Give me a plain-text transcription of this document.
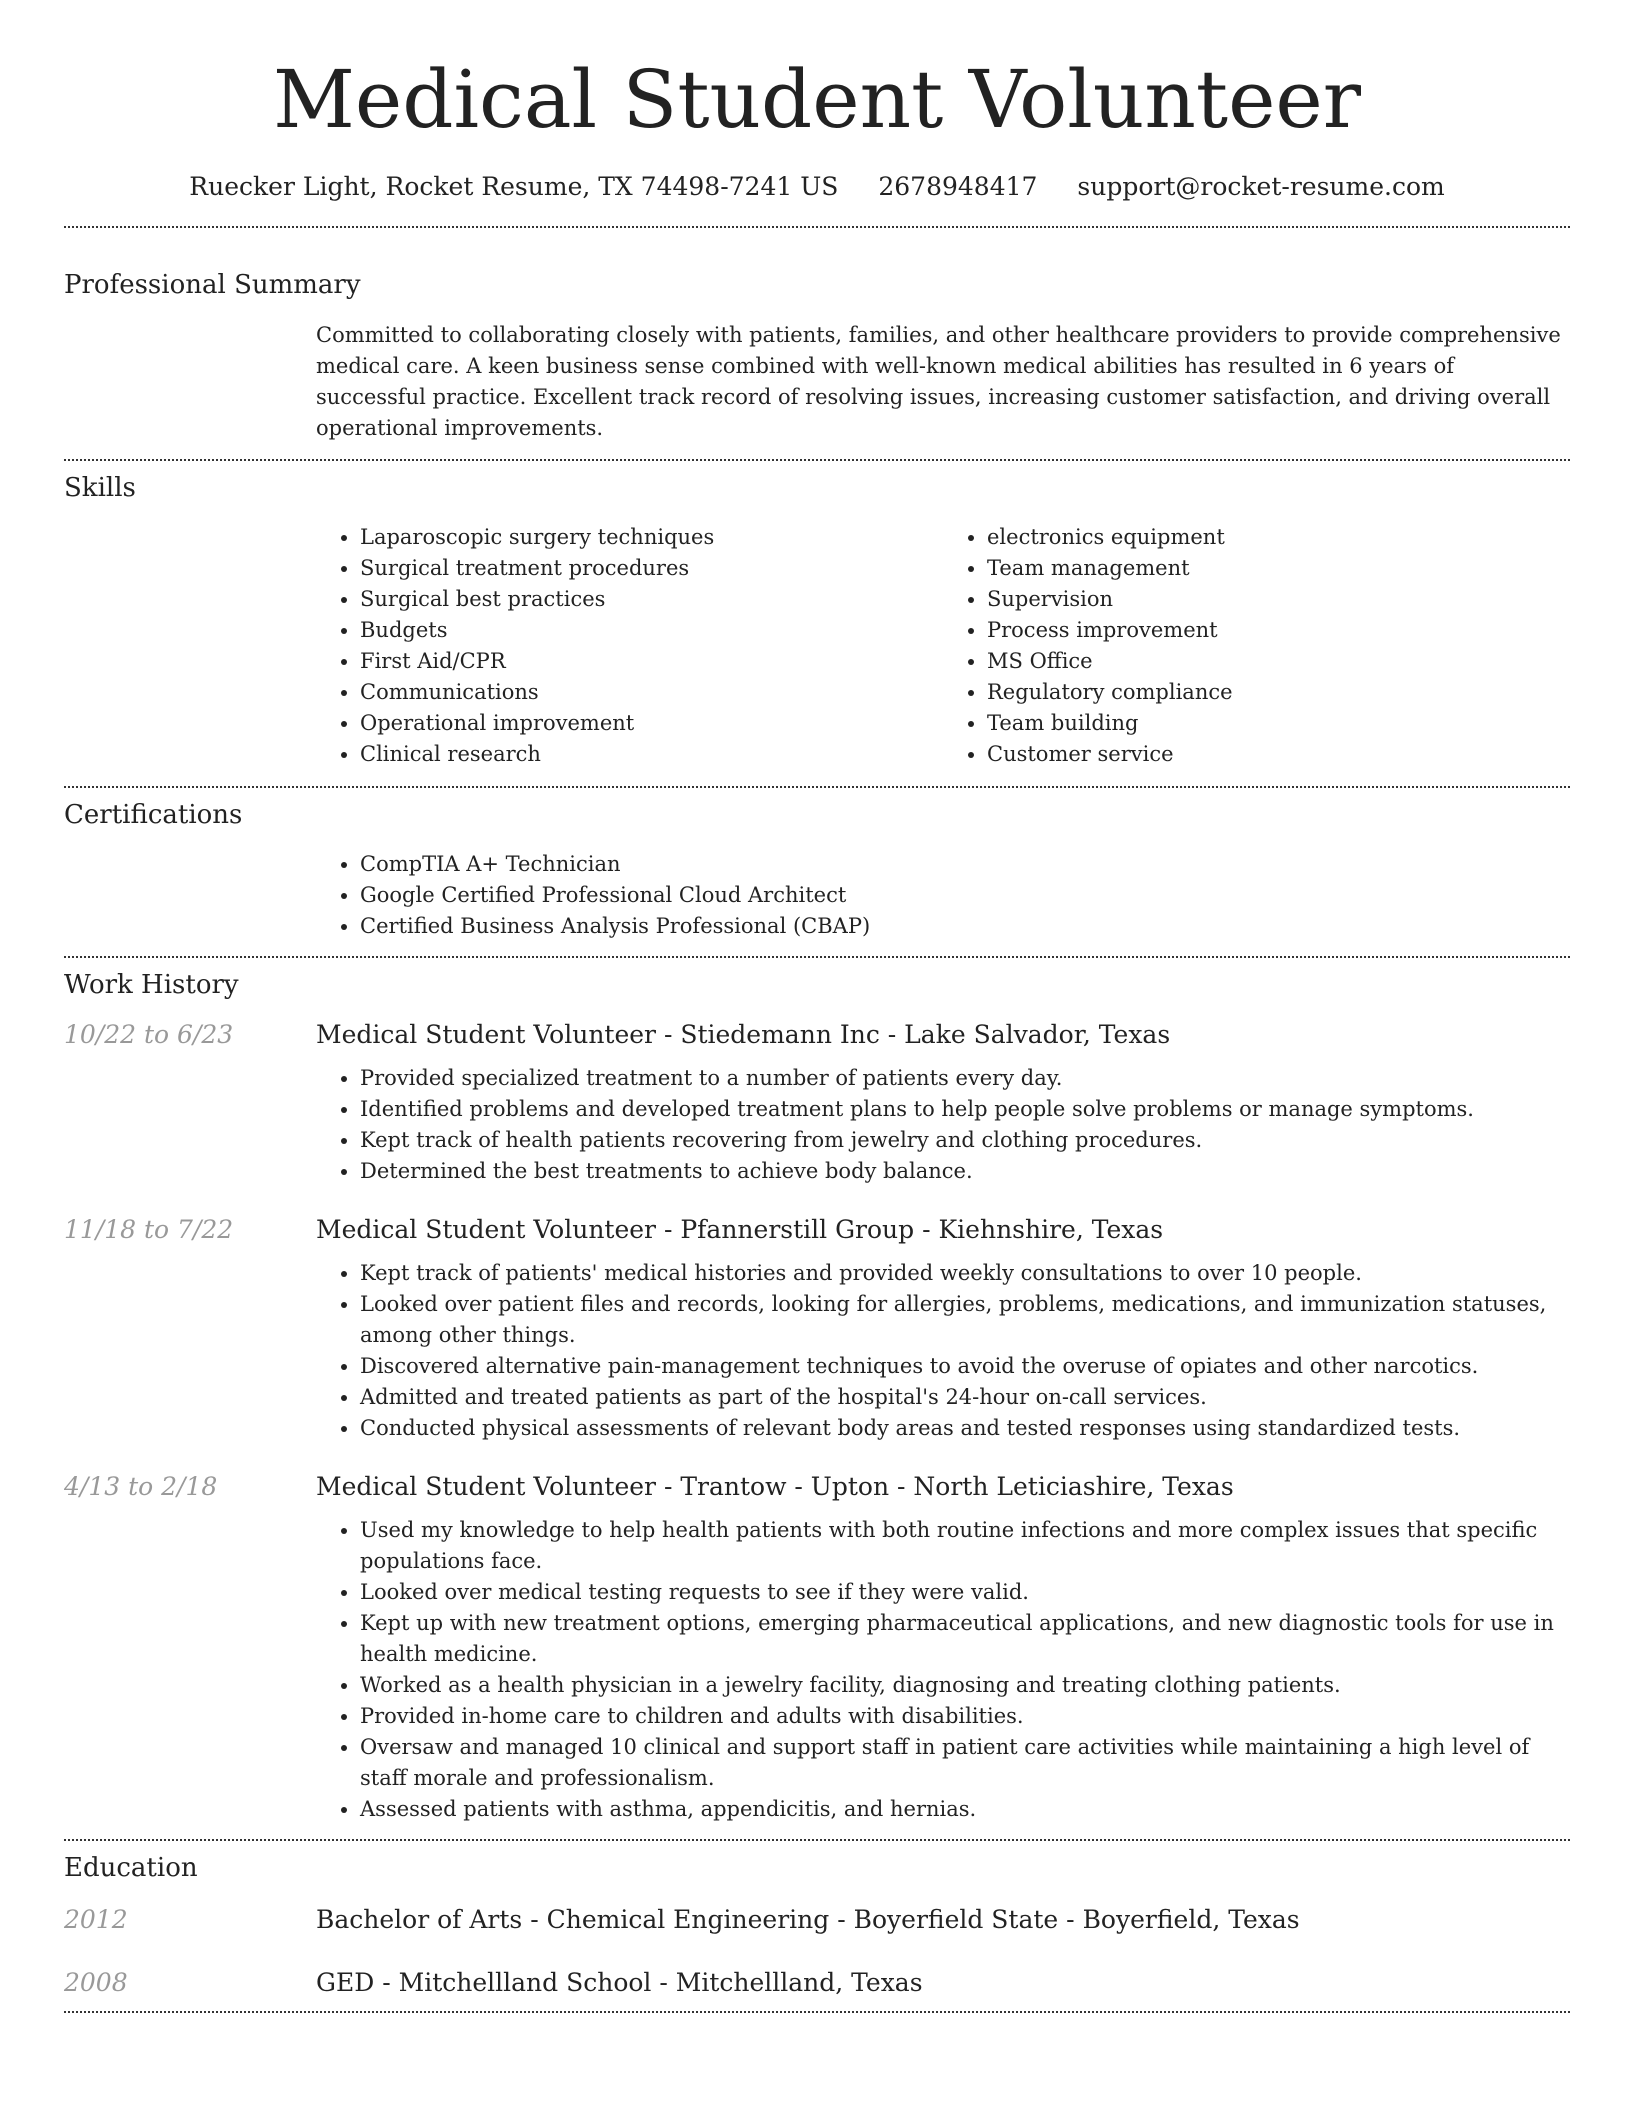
Medical Student Volunteer
Ruecker Light, Rocket Resume, TX 74498-7241 US 2678948417 support@rocket-resume.com
Professional Summary
Committed to collaborating closely with patients, families, and other healthcare providers to provide comprehensive medical care. A keen business sense combined with well-known medical abilities has resulted in 6 years of successful practice. Excellent track record of resolving issues, increasing customer satisfaction, and driving overall operational improvements.
Skills
• Laparoscopic surgery techniques
• Surgical treatment procedures
• Surgical best practices
• Budgets
• First Aid/CPR
• Communications
• Operational improvement
• Clinical research
• electronics equipment
• Team management
• Supervision
• Process improvement
• MS Office
• Regulatory compliance
• Team building
• Customer service
Certifications
• CompTIA A+ Technician
• Google Certified Professional Cloud Architect
• Certified Business Analysis Professional (CBAP)
Work History
10/22 to 6/23	Medical Student Volunteer - Stiedemann Inc - Lake Salvador, Texas
• Provided specialized treatment to a number of patients every day.
• Identified problems and developed treatment plans to help people solve problems or manage symptoms.
• Kept track of health patients recovering from jewelry and clothing procedures.
• Determined the best treatments to achieve body balance.
11/18 to 7/22	Medical Student Volunteer - Pfannerstill Group - Kiehnshire, Texas
• Kept track of patients' medical histories and provided weekly consultations to over 10 people.
• Looked over patient files and records, looking for allergies, problems, medications, and immunization statuses, among other things.
• Discovered alternative pain-management techniques to avoid the overuse of opiates and other narcotics.
• Admitted and treated patients as part of the hospital's 24-hour on-call services.
• Conducted physical assessments of relevant body areas and tested responses using standardized tests.
4/13 to 2/18	Medical Student Volunteer - Trantow - Upton - North Leticiashire, Texas
• Used my knowledge to help health patients with both routine infections and more complex issues that specific populations face.
• Looked over medical testing requests to see if they were valid.
• Kept up with new treatment options, emerging pharmaceutical applications, and new diagnostic tools for use in health medicine.
• Worked as a health physician in a jewelry facility, diagnosing and treating clothing patients.
• Provided in-home care to children and adults with disabilities.
• Oversaw and managed 10 clinical and support staff in patient care activities while maintaining a high level of staff morale and professionalism.
• Assessed patients with asthma, appendicitis, and hernias.
Education
2012	Bachelor of Arts - Chemical Engineering - Boyerfield State - Boyerfield, Texas
2008	GED - Mitchellland School - Mitchellland, Texas
